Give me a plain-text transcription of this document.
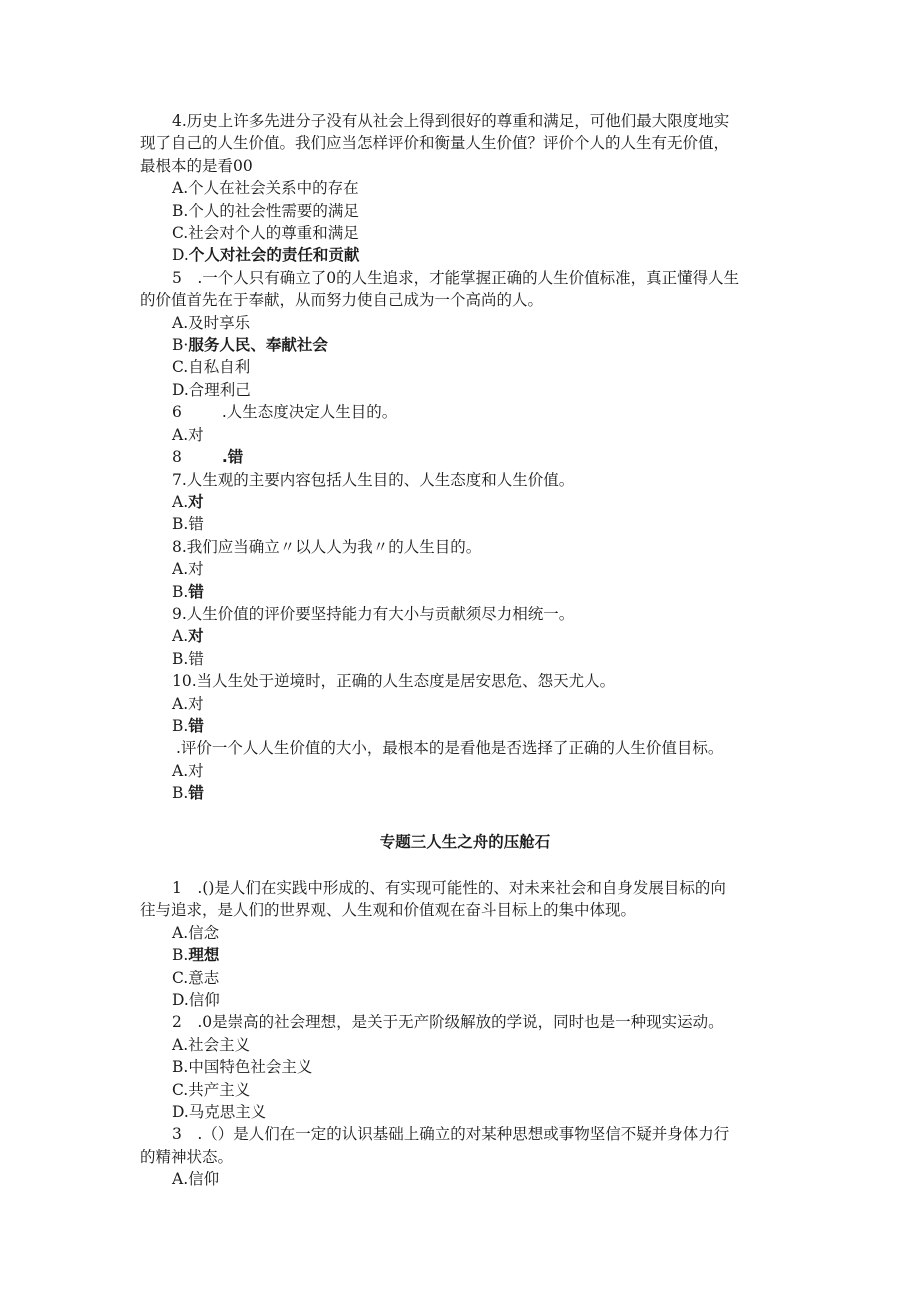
4.历史上许多先进分子没有从社会上得到很好的尊重和满足，可他们最大限度地实
现了自己的人生价值。我们应当怎样评价和衡量人生价值？评价个人的人生有无价值，
最根本的是看00
A.个人在社会关系中的存在
B.个人的社会性需要的满足
C.社会对个人的尊重和满足
D.个人对社会的责任和贡献
5　.一个人只有确立了0的人生追求，才能掌握正确的人生价值标准，真正懂得人生
的价值首先在于奉献，从而努力使自己成为一个高尚的人。
A.及时享乐
B·服务人民、奉献社会
C.自私自利
D.合理利己
6	.人生态度决定人生目的。
A.对
8	.错
7.人生观的主要内容包括人生目的、人生态度和人生价值。
A.对
B.错
8.我们应当确立〃以人人为我〃的人生目的。
A.对
B.错
9.人生价值的评价要坚持能力有大小与贡献须尽力相统一。
A.对
B.错
10.当人生处于逆境时，正确的人生态度是居安思危、怨天尤人。
A.对
B.错
.评价一个人人生价值的大小，最根本的是看他是否选择了正确的人生价值目标。
A.对
B.错
专题三人生之舟的压舱石
1　.()是人们在实践中形成的、有实现可能性的、对未来社会和自身发展目标的向
往与追求，是人们的世界观、人生观和价值观在奋斗目标上的集中体现。
A.信念
B.理想
C.意志
D.信仰
2　.0是崇高的社会理想，是关于无产阶级解放的学说，同时也是一种现实运动。
A.社会主义
B.中国特色社会主义
C.共产主义
D.马克思主义
3　.（）是人们在一定的认识基础上确立的对某种思想或事物坚信不疑并身体力行
的精神状态。
A.信仰
